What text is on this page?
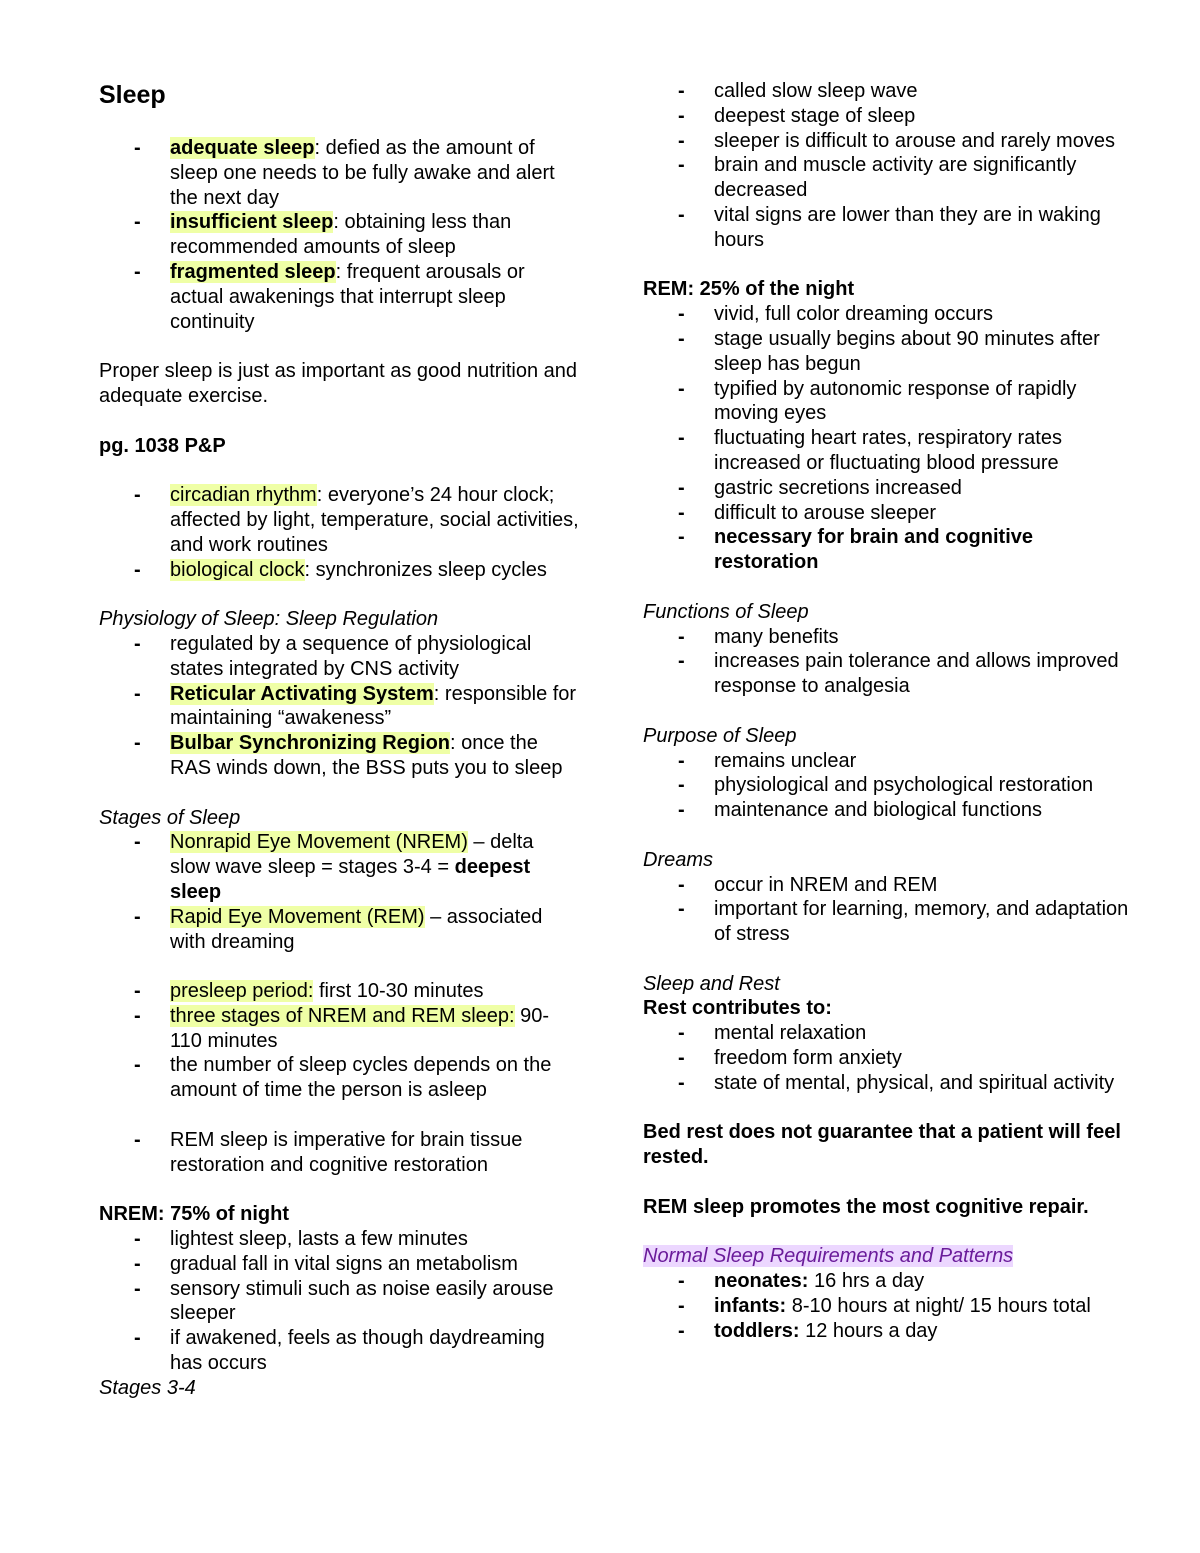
Sleep
- adequate sleep: defied as the amount of sleep one needs to be fully awake and alert the next day
- insufficient sleep: obtaining less than recommended amounts of sleep
- fragmented sleep: frequent arousals or actual awakenings that interrupt sleep continuity

Proper sleep is just as important as good nutrition and adequate exercise.

pg. 1038 P&P

- circadian rhythm: everyone’s 24 hour clock; affected by light, temperature, social activities, and work routines
- biological clock: synchronizes sleep cycles

Physiology of Sleep: Sleep Regulation

- regulated by a sequence of physiological states integrated by CNS activity
- Reticular Activating System: responsible for maintaining “awakeness”
- Bulbar Synchronizing Region: once the RAS winds down, the BSS puts you to sleep

Stages of Sleep

- Nonrapid Eye Movement (NREM) – delta slow wave sleep = stages 3-4 = deepest sleep
- Rapid Eye Movement (REM) – associated with dreaming
- presleep period: first 10-30 minutes
- three stages of NREM and REM sleep: 90-110 minutes
- the number of sleep cycles depends on the amount of time the person is asleep
- REM sleep is imperative for brain tissue restoration and cognitive restoration

NREM: 75% of night

- lightest sleep, lasts a few minutes
- gradual fall in vital signs an metabolism
- sensory stimuli such as noise easily arouse sleeper
- if awakened, feels as though daydreaming has occurs

Stages 3-4

- called slow sleep wave
- deepest stage of sleep
- sleeper is difficult to arouse and rarely moves
- brain and muscle activity are significantly decreased
- vital signs are lower than they are in waking hours

REM: 25% of the night

- vivid, full color dreaming occurs
- stage usually begins about 90 minutes after sleep has begun
- typified by autonomic response of rapidly moving eyes
- fluctuating heart rates, respiratory rates increased or fluctuating blood pressure
- gastric secretions increased
- difficult to arouse sleeper
- necessary for brain and cognitive restoration

Functions of Sleep

- many benefits
- increases pain tolerance and allows improved response to analgesia

Purpose of Sleep

- remains unclear
- physiological and psychological restoration
- maintenance and biological functions

Dreams

- occur in NREM and REM
- important for learning, memory, and adaptation of stress

Sleep and Rest

Rest contributes to:

- mental relaxation
- freedom form anxiety
- state of mental, physical, and spiritual activity

Bed rest does not guarantee that a patient will feel rested.

REM sleep promotes the most cognitive repair.

Normal Sleep Requirements and Patterns

- neonates: 16 hrs a day
- infants: 8-10 hours at night/ 15 hours total
- toddlers: 12 hours a day
